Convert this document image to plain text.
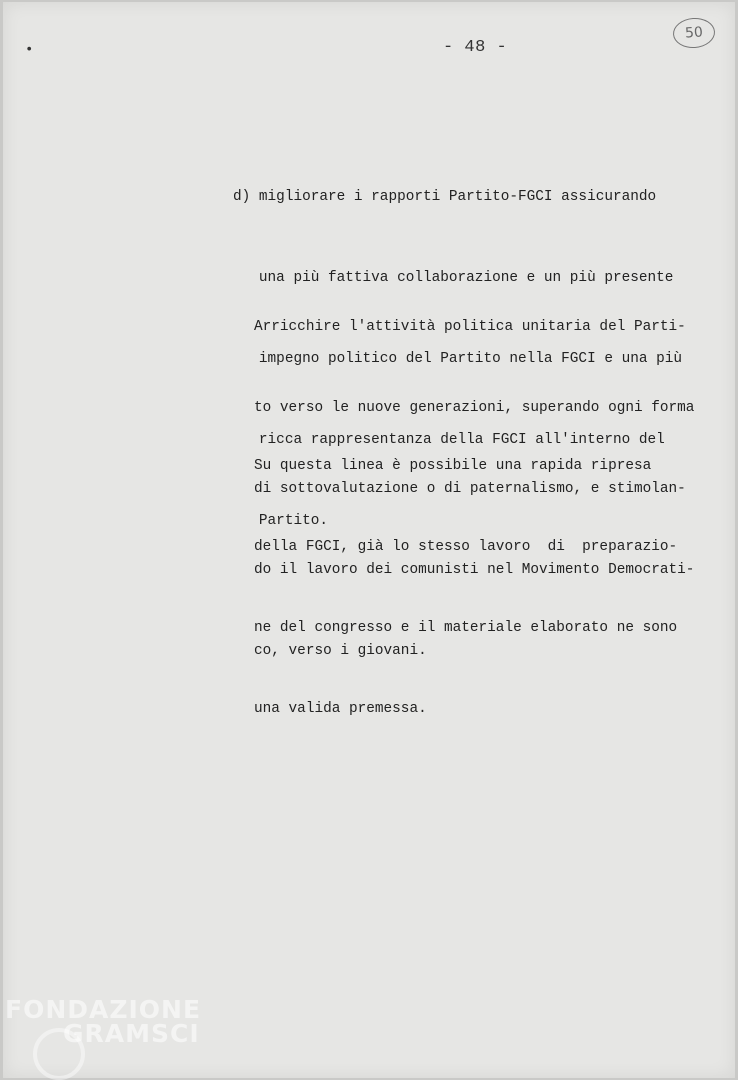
•	- 48 -
50

d) migliorare i rapporti Partito-FGCI assicurando

una più fattiva collaborazione e un più presente

impegno politico del Partito nella FGCI e una più

ricca rappresentanza della FGCI all'interno del

Partito.

Arricchire l'attività politica unitaria del Parti-

to verso le nuove generazioni, superando ogni forma

di sottovalutazione o di paternalismo, e stimolan-

do il lavoro dei comunisti nel Movimento Democrati-

co, verso i giovani.

Su questa linea è possibile una rapida ripresa

della FGCI, già lo stesso lavoro  di  preparazio-

ne del congresso e il materiale elaborato ne sono

una valida premessa.

FONDAZIONE
GRAMSCI
